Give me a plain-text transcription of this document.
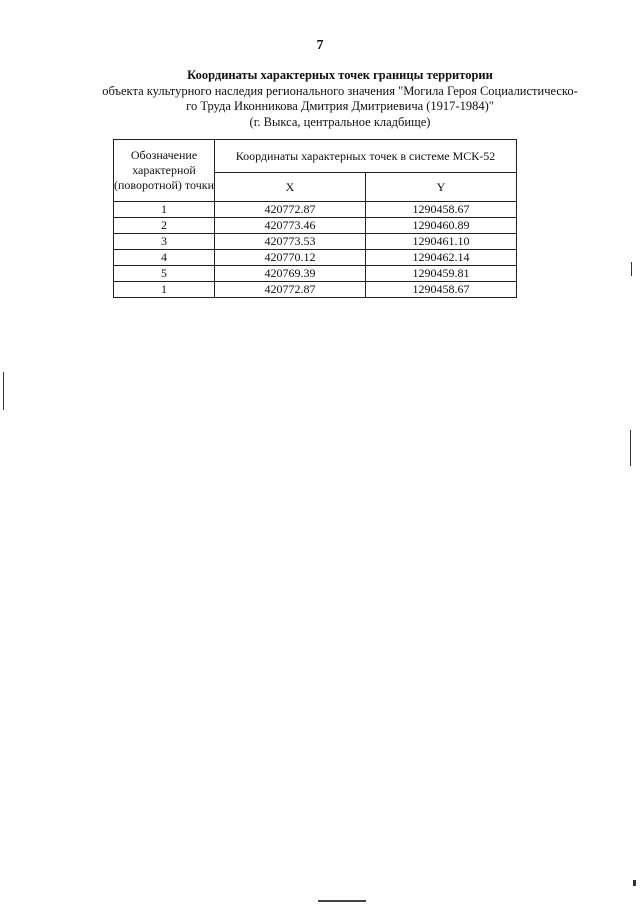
7
Координаты характерных точек границы территории
объекта культурного наследия регионального значения "Могила Героя Социалистическо-
го Труда Иконникова Дмитрия Дмитриевича (1917-1984)"
(г. Выкса, центральное кладбище)
Обозначение характерной (поворотной) точки	Координаты характерных точек в системе МСК-52	
	X	Y
1	420772.87	1290458.67
2	420773.46	1290460.89
3	420773.53	1290461.10
4	420770.12	1290462.14
5	420769.39	1290459.81
1	420772.87	1290458.67
